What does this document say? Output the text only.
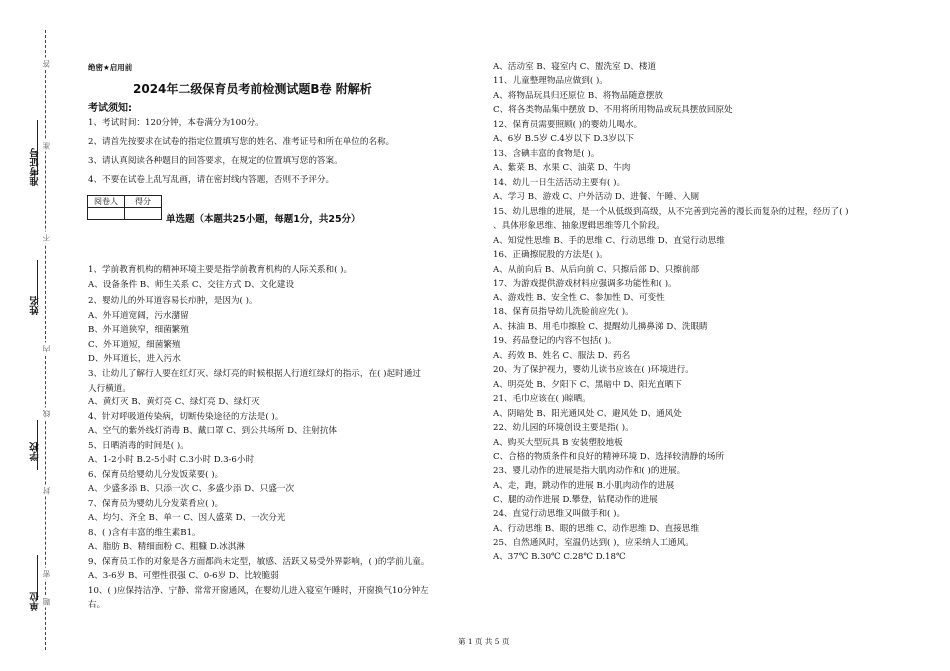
答
准
不
内
线
封
密
题
准考证号
姓名
学校
单位
绝密★启用前
2024年二级保育员考前检测试题B卷 附解析
考试须知:
1、考试时间：120分钟，本卷满分为100分。
2、请首先按要求在试卷的指定位置填写您的姓名、准考证号和所在单位的名称。
3、请认真阅读各种题目的回答要求，在规定的位置填写您的答案。
4、不要在试卷上乱写乱画，请在密封线内答题，否则不予评分。
阅卷人	得分

单选题（本题共25小题，每题1分，共25分）
1、学前教育机构的精神环境主要是指学前教育机构的人际关系和( )。
A、设备条件 B、师生关系 C、交往方式 D、文化建设
2、婴幼儿的外耳道容易长疖肿，是因为( )。
A、外耳道宽阔，污水潴留
B、外耳道狭窄，细菌繁殖
C、外耳道短，细菌繁殖
D、外耳道长，进入污水
3、让幼儿了解行人要在红灯灭、绿灯亮的时候根据人行道红绿灯的指示，在( )起时通过
人行横道。
A、黄灯灭 B、黄灯亮 C、绿灯亮 D、绿灯灭
4、针对呼吸道传染病，切断传染途径的方法是( )。
A、空气的紫外线灯消毒 B、戴口罩 C、到公共场所 D、注射抗体
5、日晒消毒的时间是( )。
A、1-2小时 B.2-5小时 C.3小时 D.3-6小时
6、保育员给婴幼儿分发饭菜要( )。
A、少盛多添 B、只添一次 C、多盛少添 D、只盛一次
7、保育员为婴幼儿分发菜肴应( )。
A、均匀、齐全 B、单一 C、因人盛菜 D、一次分光
8、( )含有丰富的维生素B1。
A、脂肪 B、精细面粉 C、粗糠 D.冰淇淋
9、保育员工作的对象是各方面都尚未定型，敏感、活跃又易受外界影响，( )的学前儿童。
A、3-6岁 B、可塑性很强 C、0-6岁 D、比较脆弱
10、( )应保持洁净、宁静、常常开窗通风，在婴幼儿进入寝室午睡时，开窗换气10分钟左
右。
A、活动室 B、寝室内 C、盥洗室 D、楼道
11、儿童整理物品应做到( )。
A、将物品玩具归还原位 B、将物品随意摆放
C、将各类物品集中摆放 D、不用将所用物品或玩具摆放回原处
12、保育员需要照顾( )的婴幼儿喝水。
A、6岁 B.5岁 C.4岁以下 D.3岁以下
13、含碘丰富的食物是( )。
A、紫菜 B、水果 C、油菜 D、牛肉
14、幼儿一日生活活动主要有( )。
A、学习 B、游戏 C、户外活动 D、进餐、午睡、入厕
15、幼儿思维的进展，是一个从低级到高级，从不完善到完善的漫长而复杂的过程，经历了( )
、具体形象思维、抽象逻辑思维等几个阶段。
A、知觉性思维 B、手的思维 C、行动思维 D、直觉行动思维
16、正确擦屁股的方法是( )。
A、从前向后 B、从后向前 C、只擦后部 D、只擦前部
17、为游戏提供游戏材料应强调多功能性和( )。
A、游戏性 B、安全性 C、参加性 D、可变性
18、保育员指导幼儿洗脸前应先( )。
A、抹油 B、用毛巾擦脸 C、提醒幼儿擤鼻涕 D、洗眼睛
19、药品登记的内容不包括( )。
A、药效 B、姓名 C、服法 D、药名
20、为了保护视力，婴幼儿读书应该在( )环境进行。
A、明亮处 B、夕阳下 C、黑暗中 D、阳光直晒下
21、毛巾应该在( )晾晒。
A、阴暗处 B、阳光通风处 C、避风处 D、通风处
22、幼儿园的环境创设主要是指( )。
A、购买大型玩具 B 安装塑胶地板
C、合格的物质条件和良好的精神环境 D、选择较清静的场所
23、婴儿动作的进展是指大肌肉动作和( )的进展。
A、走，跑，跳动作的进展 B.小肌肉动作的进展
C、腿的动作进展 D.攀登，钻爬动作的进展
24、直觉行动思维又叫做手和( )。
A、行动思维 B、眼的思维 C、动作思维 D、直接思维
25、自然通风时，室温仍达到( )，应采纳人工通风。
A、37℃ B.30℃ C.28℃ D.18℃
第 1 页 共 5 页
